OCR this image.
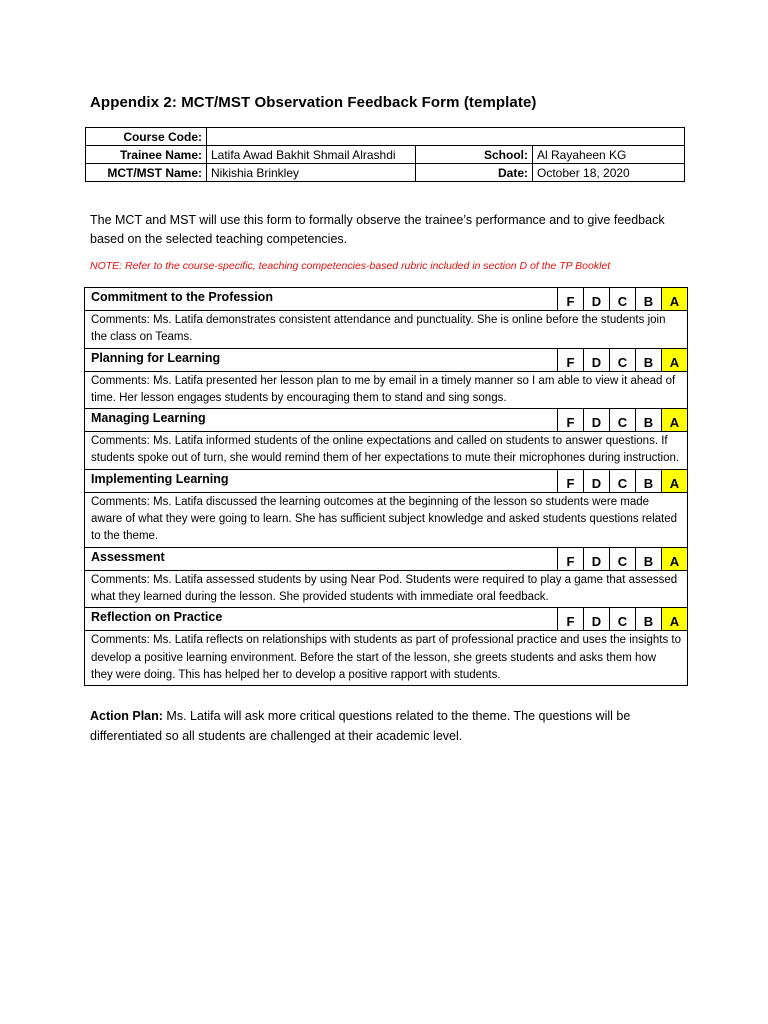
Appendix 2: MCT/MST Observation Feedback Form (template)
Course Code:			
Trainee Name:	Latifa Awad Bakhit Shmail Alrashdi	School:	Al Rayaheen KG
MCT/MST Name:	Nikishia Brinkley	Date:	October 18, 2020
The MCT and MST will use this form to formally observe the trainee’s performance and to give feedback based on the selected teaching competencies.
NOTE: Refer to the course-specific, teaching competencies-based rubric included in section D of the TP Booklet
Commitment to the Profession	F	D	C	B	A
Comments: Ms. Latifa demonstrates consistent attendance and punctuality. She is online before the students join the class on Teams.
Planning for Learning	F	D	C	B	A
Comments: Ms. Latifa presented her lesson plan to me by email in a timely manner so I am able to view it ahead of time. Her lesson engages students by encouraging them to stand and sing songs.
Managing Learning	F	D	C	B	A
Comments: Ms. Latifa informed students of the online expectations and called on students to answer questions. If students spoke out of turn, she would remind them of her expectations to mute their microphones during instruction.
Implementing Learning	F	D	C	B	A
Comments: Ms. Latifa discussed the learning outcomes at the beginning of the lesson so students were made aware of what they were going to learn. She has sufficient subject knowledge and asked students questions related to the theme.
Assessment	F	D	C	B	A
Comments: Ms. Latifa assessed students by using Near Pod. Students were required to play a game that assessed what they learned during the lesson. She provided students with immediate oral feedback.
Reflection on Practice	F	D	C	B	A
Comments: Ms. Latifa reflects on relationships with students as part of professional practice and uses the insights to develop a positive learning environment. Before the start of the lesson, she greets students and asks them how they were doing. This has helped her to develop a positive rapport with students.
Action Plan: Ms. Latifa will ask more critical questions related to the theme. The questions will be differentiated so all students are challenged at their academic level.
